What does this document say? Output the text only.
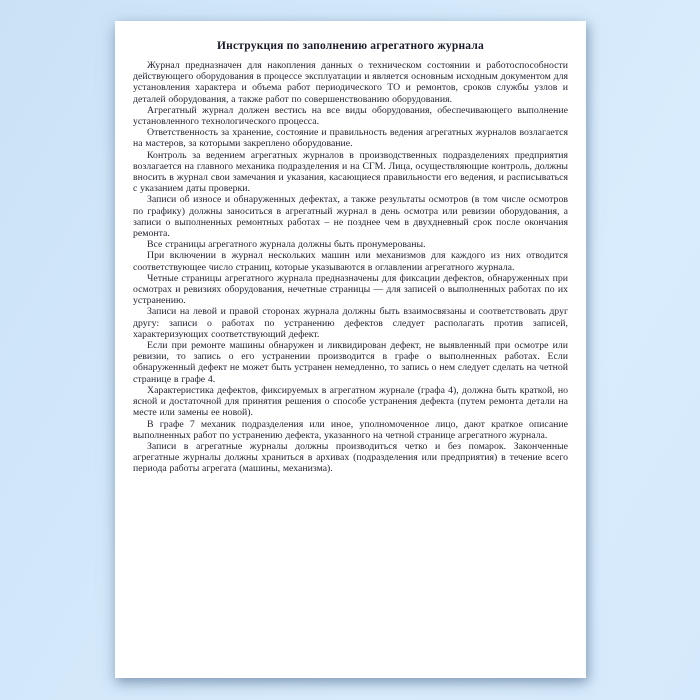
Инструкция по заполнению агрегатного журнала

Журнал предназначен для накопления данных о техническом состоянии и работоспособности действующего оборудования в процессе эксплуатации и является основным исходным документом для установления характера и объема работ периодического ТО и ремонтов, сроков службы узлов и деталей оборудования, а также работ по совершенствованию оборудования.

Агрегатный журнал должен вестись на все виды оборудования, обеспечивающего выполнение установленного технологического процесса.

Ответственность за хранение, состояние и правильность ведения агрегатных журналов возлагается на мастеров, за которыми закреплено оборудование.

Контроль за ведением агрегатных журналов в производственных подразделениях предприятия возлагается на главного механика подразделения и на СГМ. Лица, осуществляющие контроль, должны вносить в журнал свои замечания и указания, касающиеся правильности его ведения, и расписываться с указанием даты проверки.

Записи об износе и обнаруженных дефектах, а также результаты осмотров (в том числе осмотров по графику) должны заноситься в агрегатный журнал в день осмотра или ревизии оборудования, а записи о выполненных ремонтных работах – не позднее чем в двухдневный срок после окончания ремонта.

Все страницы агрегатного журнала должны быть пронумерованы.

При включении в журнал нескольких машин или механизмов для каждого из них отводится соответствующее число страниц, которые указываются в оглавлении агрегатного журнала.

Четные страницы агрегатного журнала предназначены для фиксации дефектов, обнаруженных при осмотрах и ревизиях оборудования, нечетные страницы — для записей о выполненных работах по их устранению.

Записи на левой и правой сторонах журнала должны быть взаимосвязаны и соответствовать друг другу: записи о работах по устранению дефектов следует располагать против записей, характеризующих соответствующий дефект.

Если при ремонте машины обнаружен и ликвидирован дефект, не выявленный при осмотре или ревизии, то запись о его устранении производится в графе о выполненных работах. Если обнаруженный дефект не может быть устранен немедленно, то запись о нем следует сделать на четной странице в графе 4.

Характеристика дефектов, фиксируемых в агрегатном журнале (графа 4), должна быть краткой, но ясной и достаточной для принятия решения о способе устранения дефекта (путем ремонта детали на месте или замены ее новой).

В графе 7 механик подразделения или иное, уполномоченное лицо, дают краткое описание выполненных работ по устранению дефекта, указанного на четной странице агрегатного журнала.

Записи в агрегатные журналы должны производиться четко и без помарок. Законченные агрегатные журналы должны храниться в архивах (подразделения или предприятия) в течение всего периода работы агрегата (машины, механизма).
